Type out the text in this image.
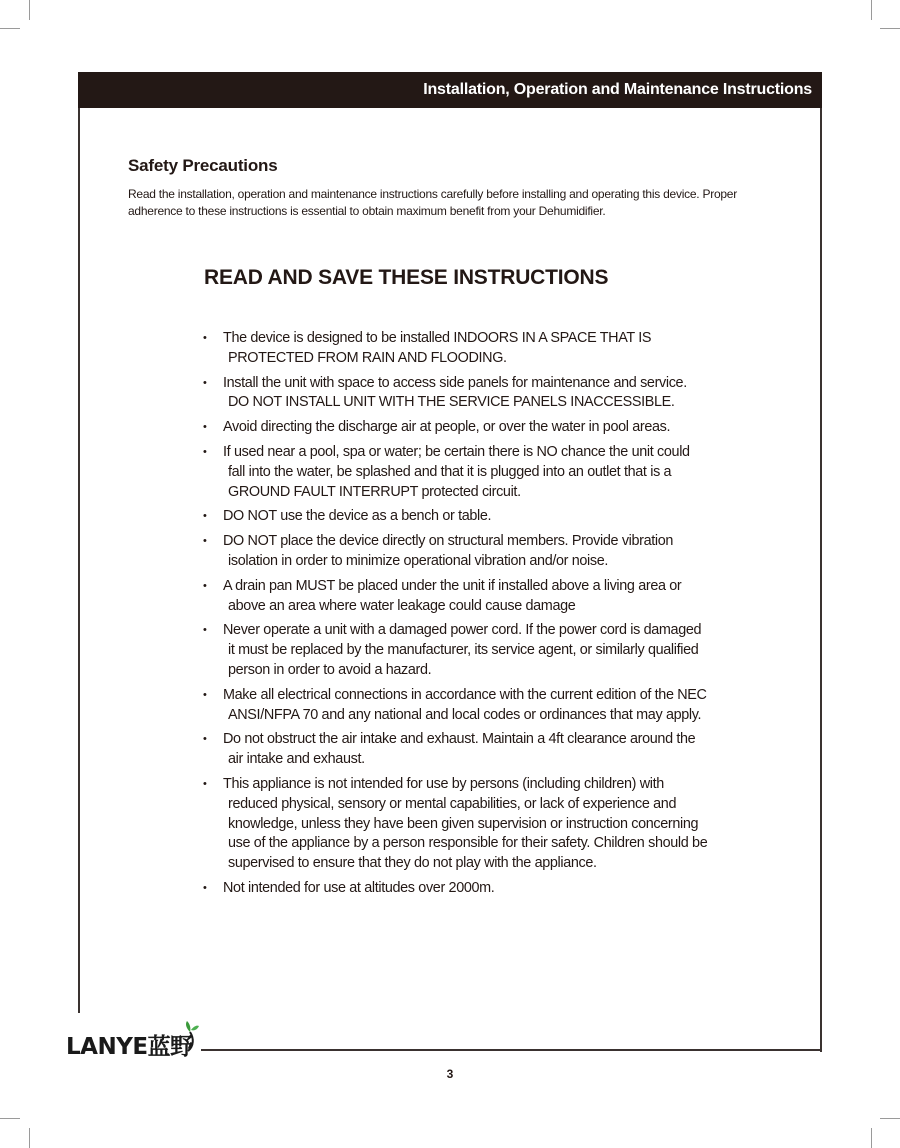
Installation, Operation and Maintenance Instructions
Safety Precautions

Read the installation, operation and maintenance instructions carefully before installing and operating this device. Proper adherence to these instructions is essential to obtain maximum benefit from your Dehumidifier.

READ AND SAVE THESE INSTRUCTIONS
• The device is designed to be installed INDOORS IN A SPACE THAT IS PROTECTED FROM RAIN AND FLOODING.
• Install the unit with space to access side panels for maintenance and service. DO NOT INSTALL UNIT WITH THE SERVICE PANELS INACCESSIBLE.
• Avoid directing the discharge air at people, or over the water in pool areas.
• If used near a pool, spa or water; be certain there is NO chance the unit could fall into the water, be splashed and that it is plugged into an outlet that is a GROUND FAULT INTERRUPT protected circuit.
• DO NOT use the device as a bench or table.
• DO NOT place the device directly on structural members. Provide vibration isolation in order to minimize operational vibration and/or noise.
• A drain pan MUST be placed under the unit if installed above a living area or above an area where water leakage could cause damage
• Never operate a unit with a damaged power cord. If the power cord is damaged it must be replaced by the manufacturer, its service agent, or similarly qualified person in order to avoid a hazard.
• Make all electrical connections in accordance with the current edition of the NEC ANSI/NFPA 70 and any national and local codes or ordinances that may apply.
• Do not obstruct the air intake and exhaust. Maintain a 4ft clearance around the air intake and exhaust.
• This appliance is not intended for use by persons (including children) with reduced physical, sensory or mental capabilities, or lack of experience and knowledge, unless they have been given supervision or instruction concerning use of the appliance by a person responsible for their safety. Children should be supervised to ensure that they do not play with the appliance.
• Not intended for use at altitudes over 2000m.
LANYE蓝野
3
